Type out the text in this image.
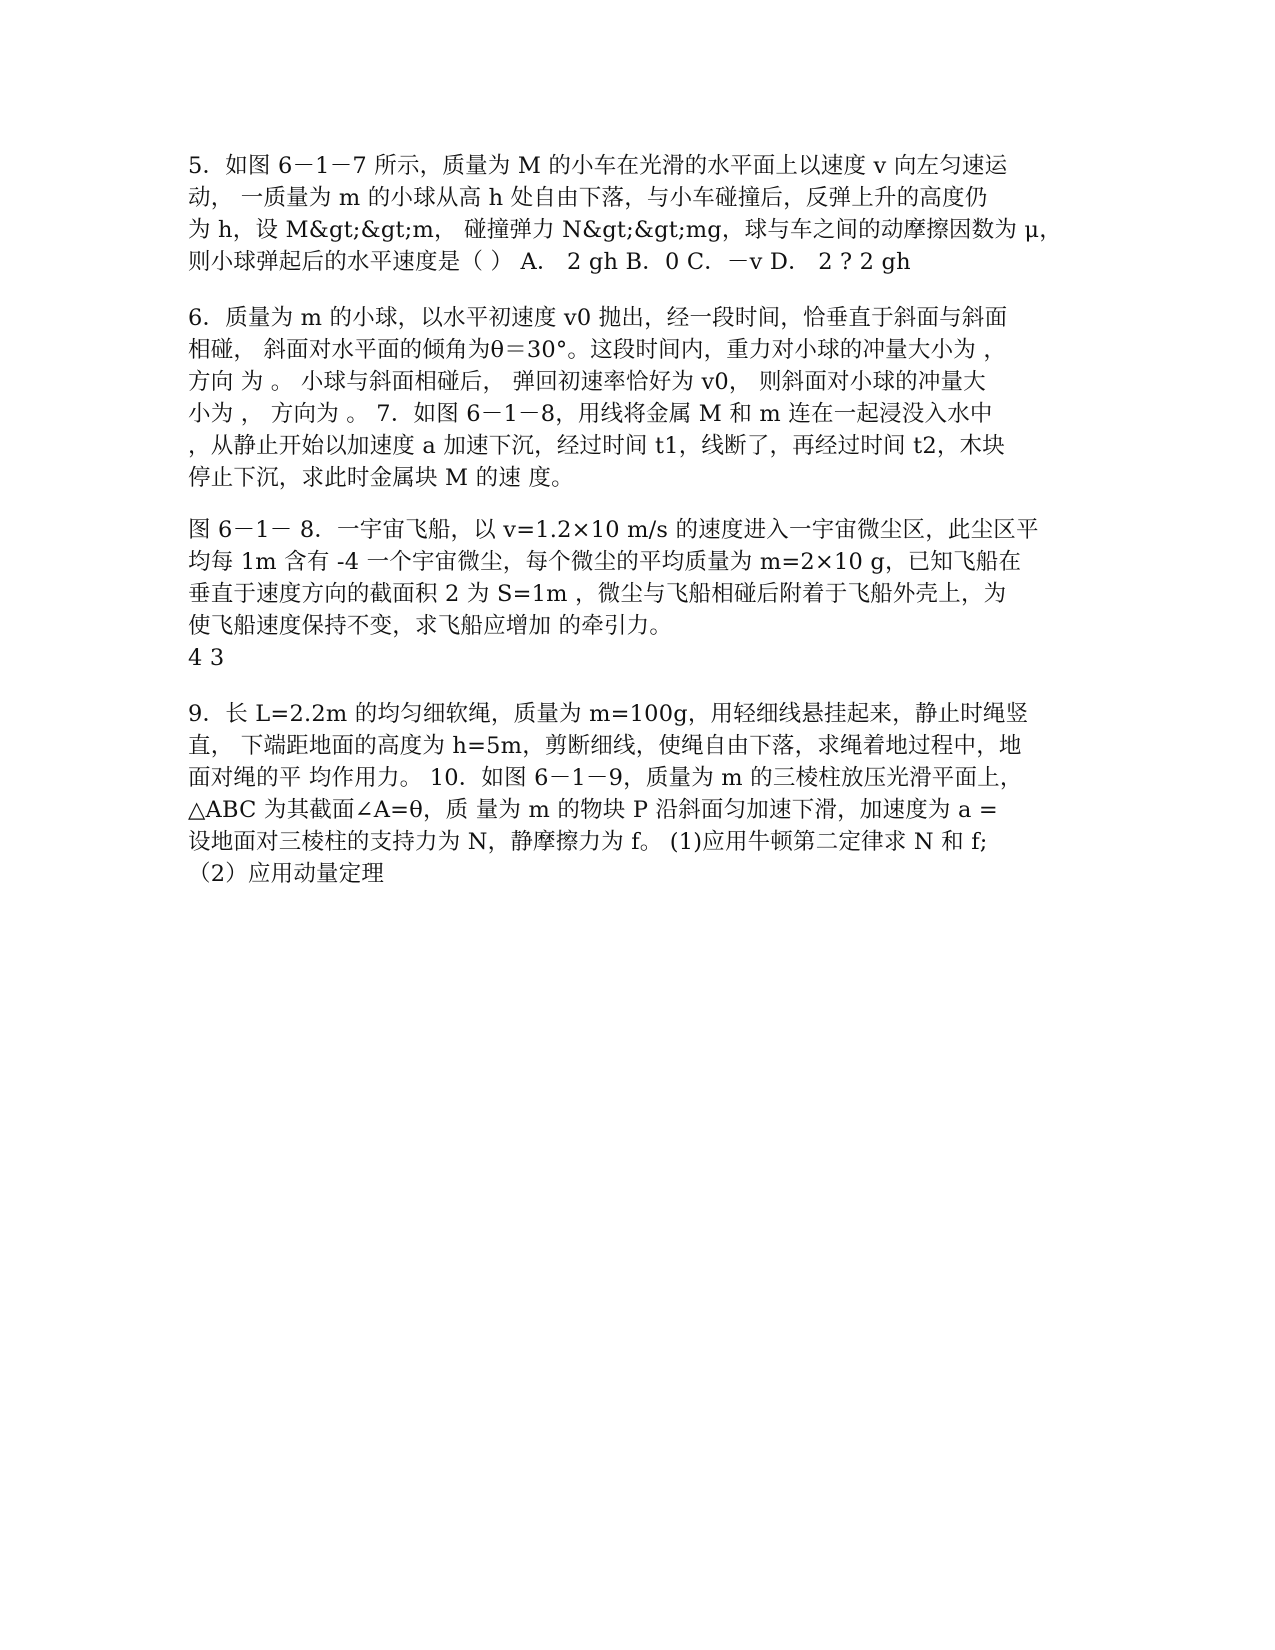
5．如图 6－1－7 所示，质量为 M 的小车在光滑的水平面上以速度 v 向左匀速运
动， 一质量为 m 的小球从高 h 处自由下落，与小车碰撞后，反弹上升的高度仍
为 h，设 M&gt;&gt;m， 碰撞弹力 N&gt;&gt;mg，球与车之间的动摩擦因数为 μ，
则小球弹起后的水平速度是（ ） A． 2 gh B．0 C．－v D． 2 ? 2 gh
6．质量为 m 的小球，以水平初速度 v0 抛出，经一段时间，恰垂直于斜面与斜面
相碰， 斜面对水平面的倾角为θ＝30°。这段时间内，重力对小球的冲量大小为 ，
方向 为 。 小球与斜面相碰后， 弹回初速率恰好为 v0， 则斜面对小球的冲量大
小为 ， 方向为 。 7．如图 6－1－8，用线将金属 M 和 m 连在一起浸没入水中
，从静止开始以加速度 a 加速下沉，经过时间 t1，线断了，再经过时间 t2，木块
停止下沉，求此时金属块 M 的速 度。
图 6－1－ 8．一宇宙飞船，以 v=1.2×10 m/s 的速度进入一宇宙微尘区，此尘区平
均每 1m 含有 -4 一个宇宙微尘，每个微尘的平均质量为 m=2×10 g，已知飞船在
垂直于速度方向的截面积 2 为 S=1m ，微尘与飞船相碰后附着于飞船外壳上，为
使飞船速度保持不变，求飞船应增加 的牵引力。
4 3
9．长 L=2.2m 的均匀细软绳，质量为 m=100g，用轻细线悬挂起来，静止时绳竖
直， 下端距地面的高度为 h=5m，剪断细线，使绳自由下落，求绳着地过程中，地
面对绳的平 均作用力。 10．如图 6－1－9，质量为 m 的三棱柱放压光滑平面上，
△ABC 为其截面∠A=θ，质 量为 m 的物块 P 沿斜面匀加速下滑，加速度为 a =
设地面对三棱柱的支持力为 N，静摩擦力为 f。 (1)应用牛顿第二定律求 N 和 f;
（2）应用动量定理
